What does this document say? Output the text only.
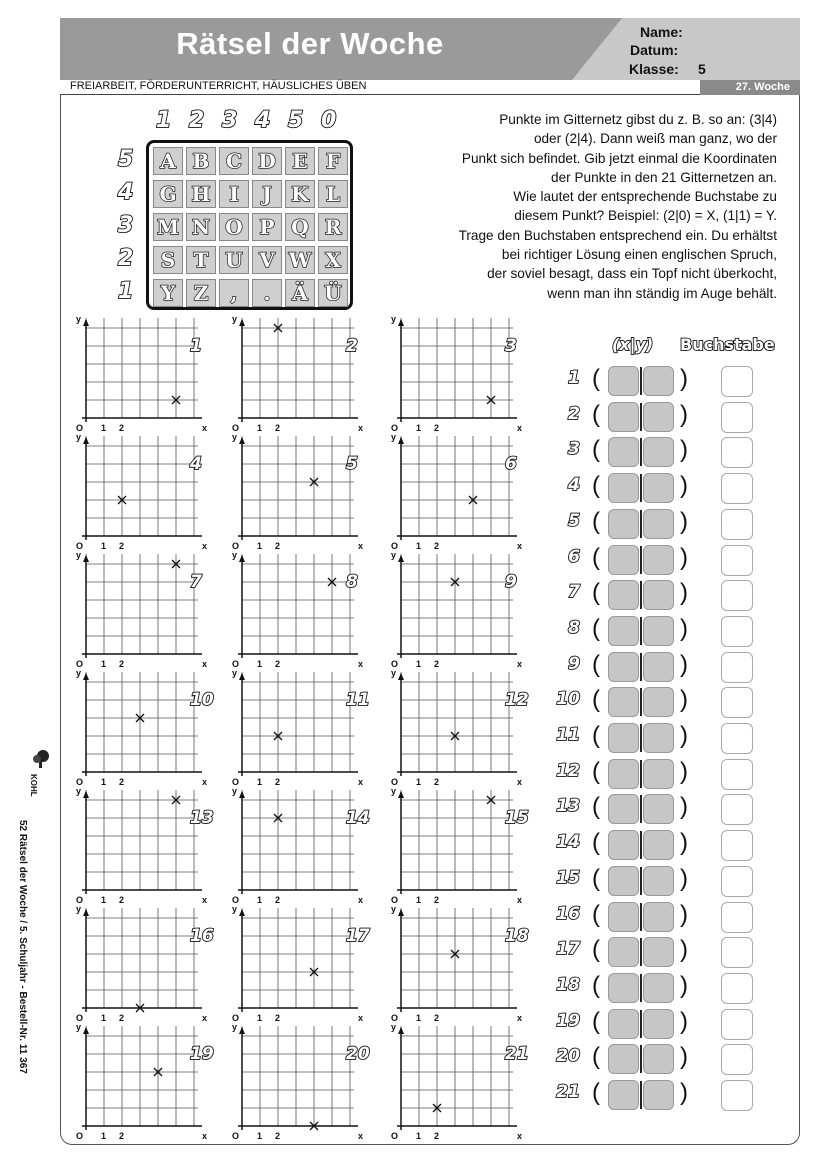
Rätsel der Woche	Name:
Datum:
Klasse: 5
FREIARBEIT, FÖRDERUNTERRICHT, HÄUSLICHES ÜBEN	27. Woche
1 2 3 4 5 0
5
4
3
2
1
A B C D E F
G H I	J K L
M N O P Q R
S T U V W X
Y Z	,	.	Ä Ü
Punkte im Gitternetz gibst du z. B. so an: (3|4)
oder (2|4). Dann weiß man ganz, wo der
Punkt sich befindet. Gib jetzt einmal die Koordinaten
der Punkte in den 21 Gitternetzen an.
Wie lautet der entsprechende Buchstabe zu
diesem Punkt? Beispiel: (2|0) = X, (1|1) = Y.
Trage den Buchstaben entsprechend ein. Du erhältst
bei richtiger Lösung einen englischen Spruch,
der soviel besagt, dass ein Topf nicht überkocht,
wenn man ihn ständig im Auge behält.
y
O 1 2	x
1
y
O 1 2	x
2
y
O 1 2	x
3
y
O 1 2	x
4
y
O 1 2	x
5
y
O 1 2	x
6
y
O 1 2	x
7
y
O 1 2	x
8
y
O 1 2	x
9
y
O 1 2	x
10
y
O 1 2	x
11
y
O 1 2	x
12
y
O 1 2	x
13
y
O 1 2	x
14
y
O 1 2	x
15
y
O 1 2	x
16
y
O 1 2	x
17
y
O 1 2	x
18
y
O 1 2	x
19
y
O 1 2	x
20
y
O 1 2	x
21
(x|y) Buchstabe
1 (	)
2 (	)
3 (	)
4 (	)
5 (	)
6 (	)
7 (	)
8 (	)
9 (	)
10 (	)
11 (	)
12 (	)
13 (	)
14 (	)
15 (	)
16 (	)
17 (	)
18 (	)
19 (	)
20 (	)
21 (	)
KOHL
52 Rätsel der Woche / 5. Schuljahr - Bestell-Nr. 11 367
